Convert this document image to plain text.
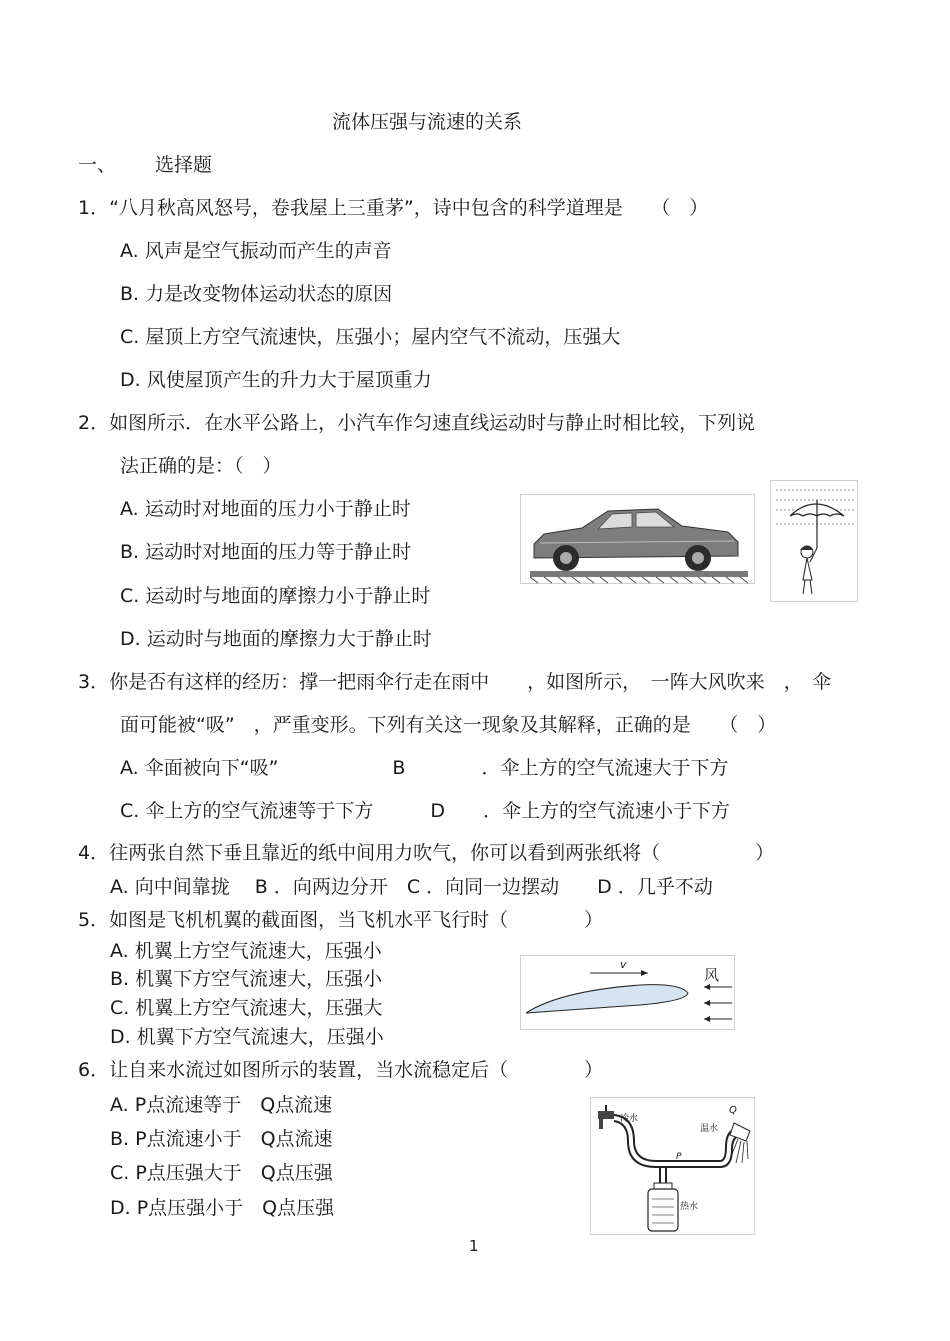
流体压强与流速的关系
一、 选择题
1．“八月秋高风怒号，卷我屋上三重茅”，诗中包含的科学道理是　　（　）
A. 风声是空气振动而产生的声音
B. 力是改变物体运动状态的原因
C. 屋顶上方空气流速快，压强小；屋内空气不流动，压强大
D. 风使屋顶产生的升力大于屋顶重力
2．如图所示．在水平公路上，小汽车作匀速直线运动时与静止时相比较，下列说
法正确的是：（　）
A. 运动时对地面的压力小于静止时
B. 运动时对地面的压力等于静止时
C. 运动时与地面的摩擦力小于静止时
D. 运动时与地面的摩擦力大于静止时
3．你是否有这样的经历：撑一把雨伞行走在雨中　　，如图所示，　一阵大风吹来　，　伞
面可能被“吸”　，严重变形。下列有关这一现象及其解释，正确的是　　（　）
A. 伞面被向下“吸”　　　　　　B　　　　．伞上方的空气流速大于下方
C. 伞上方的空气流速等于下方　　　D　　．伞上方的空气流速小于下方
4．往两张自然下垂且靠近的纸中间用力吹气，你可以看到两张纸将（　　　　　）
A. 向中间靠拢　 B ．向两边分开　C ．向同一边摆动　　D ．几乎不动
5．如图是飞机机翼的截面图，当飞机水平飞行时（　　　　）
A. 机翼上方空气流速大，压强小
B. 机翼下方空气流速大，压强小
C. 机翼上方空气流速大，压强大
D. 机翼下方空气流速大，压强小
v
风
6．让自来水流过如图所示的装置，当水流稳定后（　　　　）
A. P点流速等于　Q点流速
B. P点流速小于　Q点流速
C. P点压强大于　Q点压强
D. P点压强小于　Q点压强
冷水
P
温水
Q
热水
1
